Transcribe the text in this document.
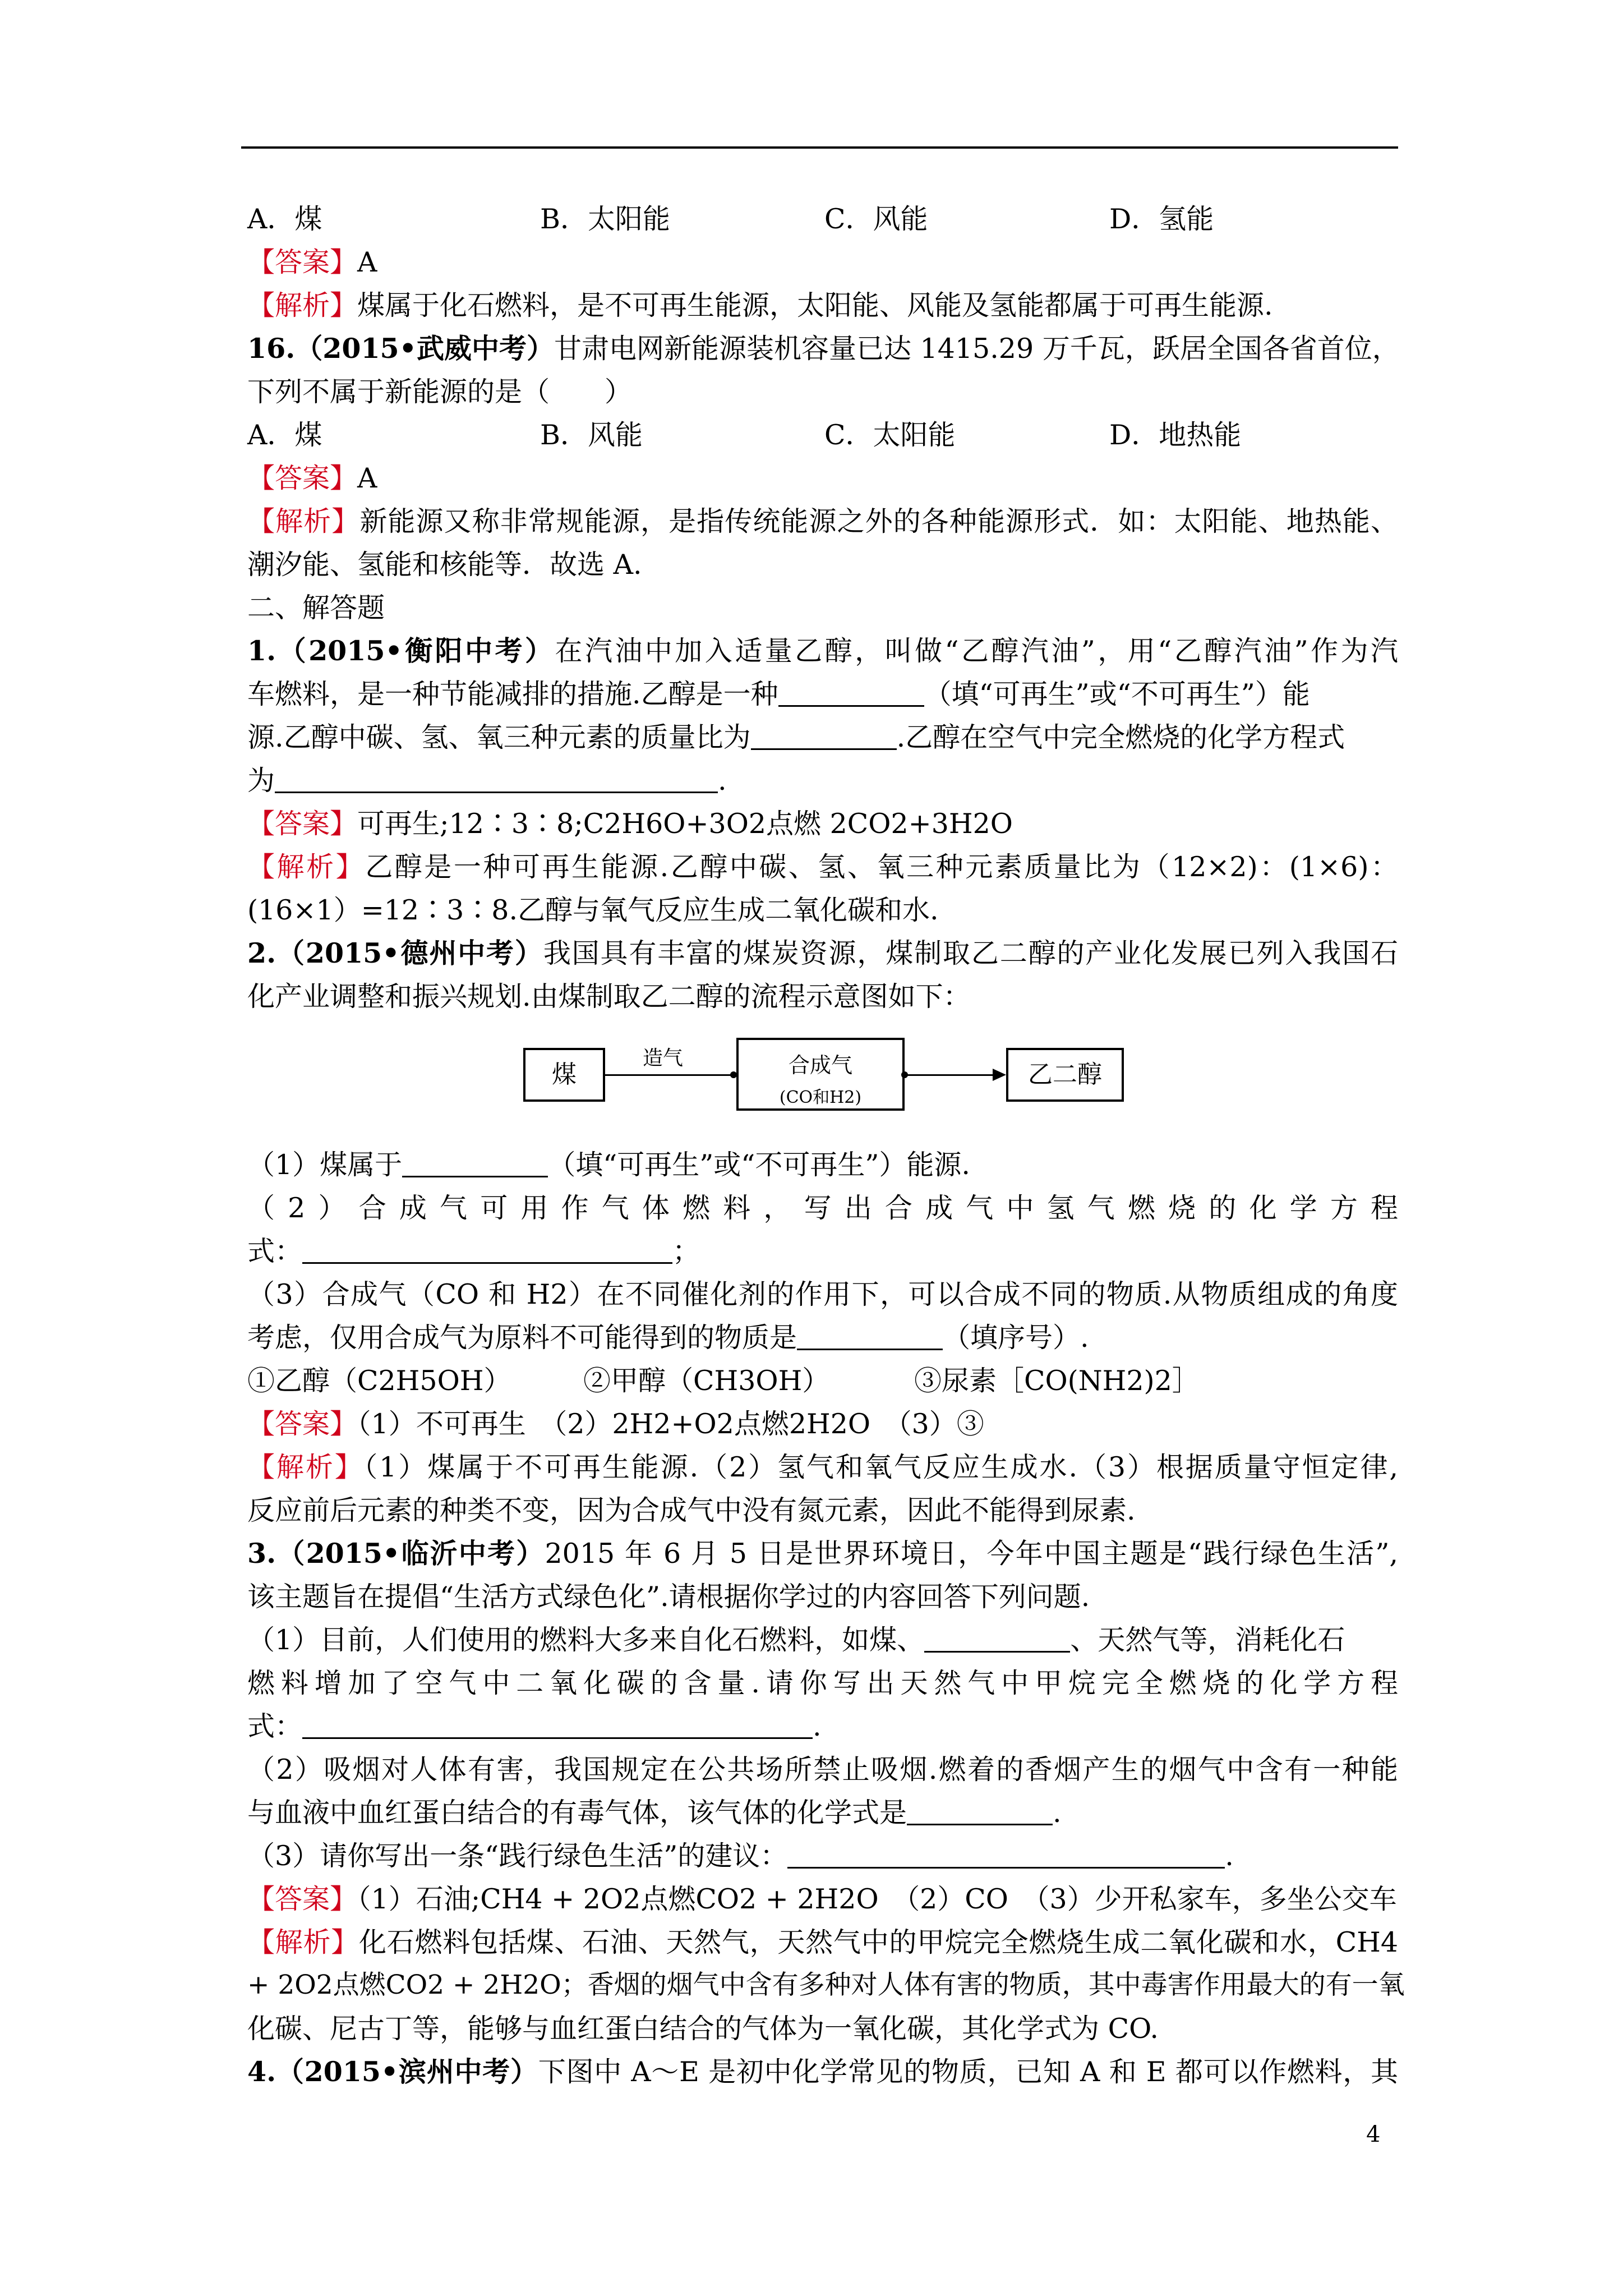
A．煤	B．太阳能	C．风能	D．氢能
【答案】A
【解析】煤属于化石燃料，是不可再生能源，太阳能、风能及氢能都属于可再生能源.
16.（2015•武威中考）甘肃电网新能源装机容量已达 1415.29 万千瓦，跃居全国各省首位，
下列不属于新能源的是（　　）
A．煤	B．风能	C．太阳能	D．地热能
【答案】A
【解析】新能源又称非常规能源，是指传统能源之外的各种能源形式．如：太阳能、地热能、
潮汐能、氢能和核能等．故选 A.
二、解答题
1.（2015•衡阳中考）在汽油中加入适量乙醇，叫做“乙醇汽油”，用“乙醇汽油”作为汽
车燃料，是一种节能减排的措施.乙醇是一种	（填“可再生”或“不可再生”）能
源.乙醇中碳、氢、氧三种元素的质量比为	.乙醇在空气中完全燃烧的化学方程式
为	.
【答案】可再生;12∶3∶8;C2H6O+3O2点燃 2CO2+3H2O
【解析】乙醇是一种可再生能源.乙醇中碳、氢、氧三种元素质量比为（12×2)：(1×6)：
(16×1）=12∶3∶8.乙醇与氧气反应生成二氧化碳和水.
2.（2015•德州中考）我国具有丰富的煤炭资源，煤制取乙二醇的产业化发展已列入我国石
化产业调整和振兴规划.由煤制取乙二醇的流程示意图如下：
煤
造气	合成气
(CO和H2)
乙二醇
（1）煤属于	（填“可再生”或“不可再生”）能源.
（2）合成气可用作气体燃料，写出合成气中氢气燃烧的化学方程
式：	；
（3）合成气（CO 和 H2）在不同催化剂的作用下，可以合成不同的物质.从物质组成的角度
考虑，仅用合成气为原料不可能得到的物质是	（填序号）.
①乙醇（C2H5OH）	②甲醇（CH3OH）	③尿素［CO(NH2)2］
【答案】（1）不可再生　（2）2H2+O2点燃2H2O　（3）③
【解析】（1）煤属于不可再生能源.（2）氢气和氧气反应生成水.（3）根据质量守恒定律,
反应前后元素的种类不变，因为合成气中没有氮元素，因此不能得到尿素.
3.（2015•临沂中考）2015 年 6 月 5 日是世界环境日，今年中国主题是“践行绿色生活”,
该主题旨在提倡“生活方式绿色化”.请根据你学过的内容回答下列问题.
（1）目前，人们使用的燃料大多来自化石燃料，如煤、	、天然气等，消耗化石
燃料增加了空气中二氧化碳的含量.请你写出天然气中甲烷完全燃烧的化学方程
式：	.
（2）吸烟对人体有害，我国规定在公共场所禁止吸烟.燃着的香烟产生的烟气中含有一种能
与血液中血红蛋白结合的有毒气体，该气体的化学式是	.
（3）请你写出一条“践行绿色生活”的建议：	.
【答案】（1）石油;CH4 + 2O2点燃CO2 + 2H2O　（2）CO　（3）少开私家车，多坐公交车
【解析】化石燃料包括煤、石油、天然气，天然气中的甲烷完全燃烧生成二氧化碳和水，CH4
+ 2O2点燃CO2 + 2H2O；香烟的烟气中含有多种对人体有害的物质，其中毒害作用最大的有一氧
化碳、尼古丁等，能够与血红蛋白结合的气体为一氧化碳，其化学式为 CO.
4.（2015•滨州中考）下图中 A～E 是初中化学常见的物质，已知 A 和 E 都可以作燃料，其
4
